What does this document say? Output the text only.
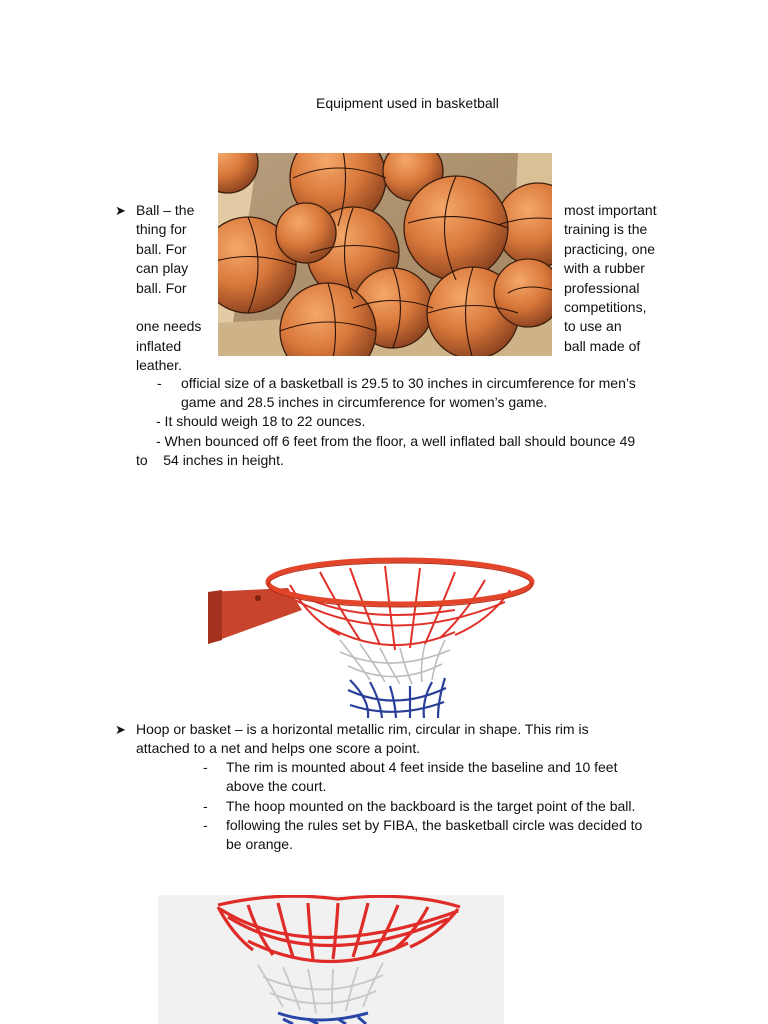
Equipment used in basketball
➤ Ball – the
thing for
ball. For
can play
ball. For
one needs
inflated
leather.
most important
training is the
practicing, one
with a rubber
professional
competitions,
to use an
ball made of
- official size of a basketball is 29.5 to 30 inches in circumference for men’s
game and 28.5 inches in circumference for women’s game.
- It should weigh 18 to 22 ounces.
- When bounced off 6 feet from the floor, a well inflated ball should bounce 49
to    54 inches in height.
➤ Hoop or basket – is a horizontal metallic rim, circular in shape. This rim is
attached to a net and helps one score a point.
- The rim is mounted about 4 feet inside the baseline and 10 feet
above the court.
- The hoop mounted on the backboard is the target point of the ball.
- following the rules set by FIBA, the basketball circle was decided to
be orange.
